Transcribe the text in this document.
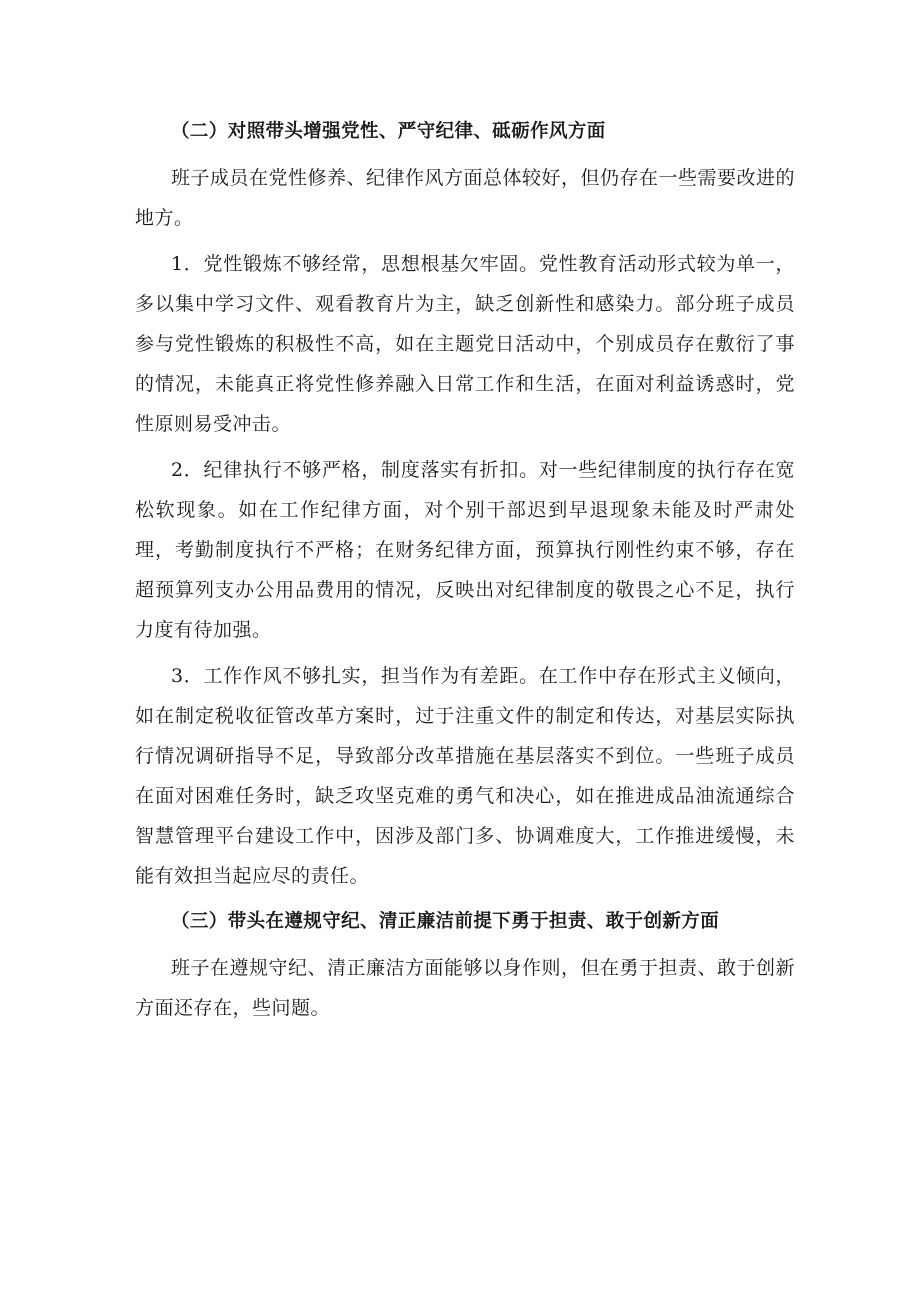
（二）对照带头增强党性、严守纪律、砥砺作风方面

班子成员在党性修养、纪律作风方面总体较好，但仍存在一些需要改进的地方。

1．党性锻炼不够经常，思想根基欠牢固。党性教育活动形式较为单一，多以集中学习文件、观看教育片为主，缺乏创新性和感染力。部分班子成员参与党性锻炼的积极性不高，如在主题党日活动中，个别成员存在敷衍了事的情况，未能真正将党性修养融入日常工作和生活，在面对利益诱惑时，党性原则易受冲击。

2．纪律执行不够严格，制度落实有折扣。对一些纪律制度的执行存在宽松软现象。如在工作纪律方面，对个别干部迟到早退现象未能及时严肃处理，考勤制度执行不严格；在财务纪律方面，预算执行刚性约束不够，存在超预算列支办公用品费用的情况，反映出对纪律制度的敬畏之心不足，执行力度有待加强。

3．工作作风不够扎实，担当作为有差距。在工作中存在形式主义倾向，如在制定税收征管改革方案时，过于注重文件的制定和传达，对基层实际执行情况调研指导不足，导致部分改革措施在基层落实不到位。一些班子成员在面对困难任务时，缺乏攻坚克难的勇气和决心，如在推进成品油流通综合智慧管理平台建设工作中，因涉及部门多、协调难度大，工作推进缓慢，未能有效担当起应尽的责任。

（三）带头在遵规守纪、清正廉洁前提下勇于担责、敢于创新方面

班子在遵规守纪、清正廉洁方面能够以身作则，但在勇于担责、敢于创新方面还存在，些问题。
